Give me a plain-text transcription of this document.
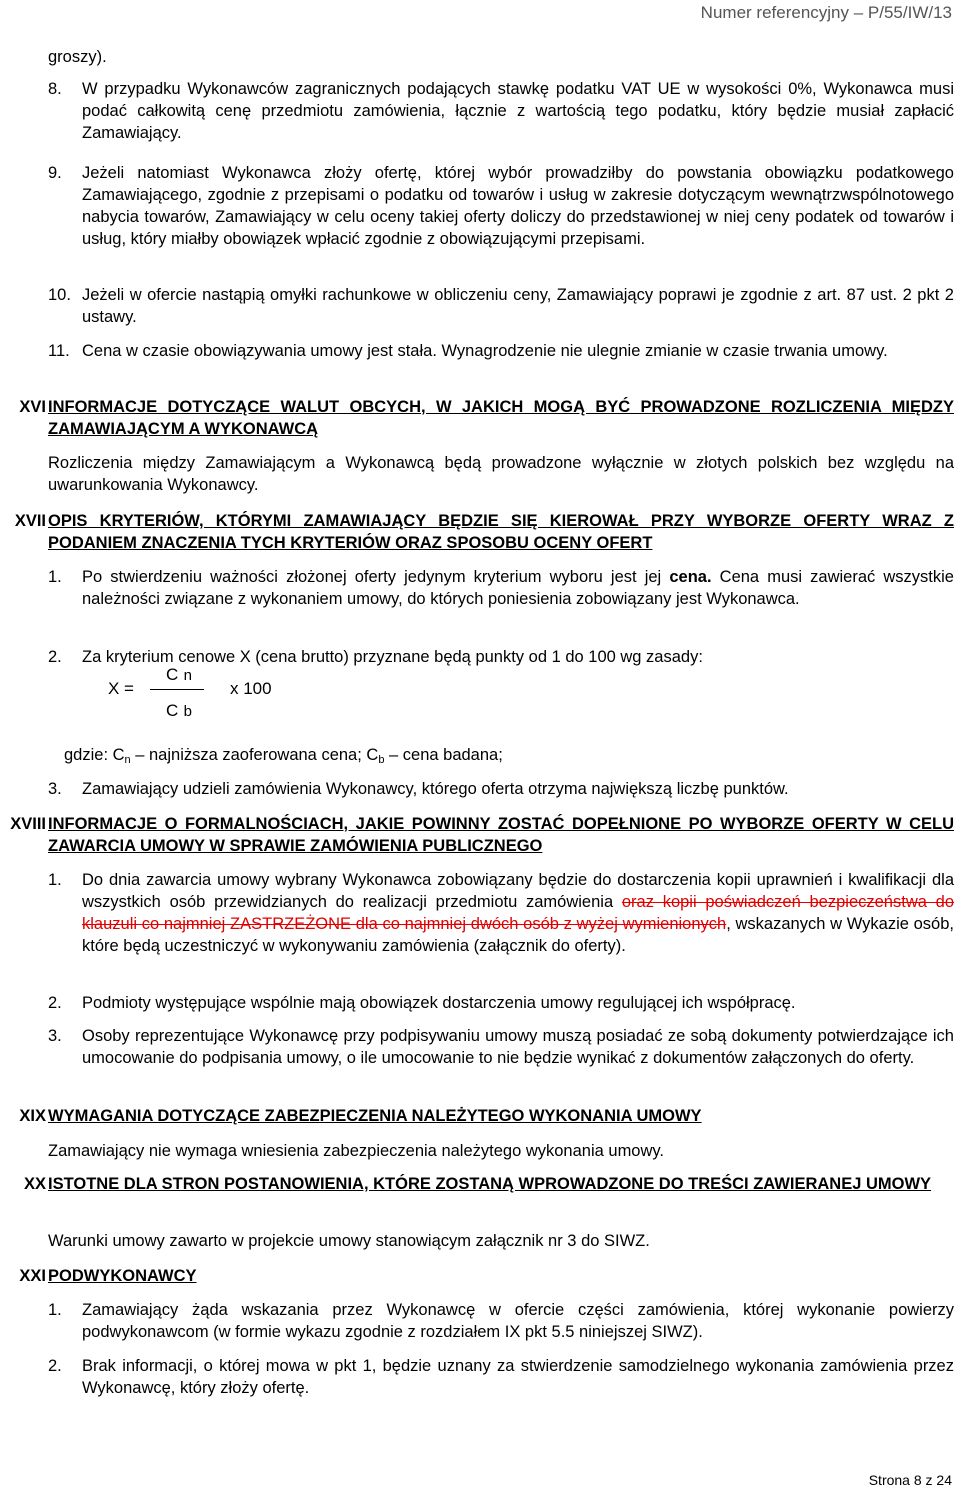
Numer referencyjny – P/55/IW/13
groszy).
8. W przypadku Wykonawców zagranicznych podających stawkę podatku VAT UE w wysokości 0%, Wykonawca musi podać całkowitą cenę przedmiotu zamówienia, łącznie z wartością tego podatku, który będzie musiał zapłacić Zamawiający.
9. Jeżeli natomiast Wykonawca złoży ofertę, której wybór prowadziłby do powstania obowiązku podatkowego Zamawiającego, zgodnie z przepisami o podatku od towarów i usług w zakresie dotyczącym wewnątrzwspólnotowego nabycia towarów, Zamawiający w celu oceny takiej oferty doliczy do przedstawionej w niej ceny podatek od towarów i usług, który miałby obowiązek wpłacić zgodnie z obowiązującymi przepisami.
10. Jeżeli w ofercie nastąpią omyłki rachunkowe w obliczeniu ceny, Zamawiający poprawi je zgodnie z art. 87 ust. 2 pkt 2 ustawy.
11. Cena w czasie obowiązywania umowy jest stała. Wynagrodzenie nie ulegnie zmianie w czasie trwania umowy.
XVI INFORMACJE DOTYCZĄCE WALUT OBCYCH, W JAKICH MOGĄ BYĆ PROWADZONE ROZLICZENIA MIĘDZY ZAMAWIAJĄCYM A WYKONAWCĄ
Rozliczenia między Zamawiającym a Wykonawcą będą prowadzone wyłącznie w złotych polskich bez względu na uwarunkowania Wykonawcy.
XVII OPIS KRYTERIÓW, KTÓRYMI ZAMAWIAJĄCY BĘDZIE SIĘ KIEROWAŁ PRZY WYBORZE OFERTY WRAZ Z PODANIEM ZNACZENIA TYCH KRYTERIÓW ORAZ SPOSOBU OCENY OFERT
1. Po stwierdzeniu ważności złożonej oferty jedynym kryterium wyboru jest jej cena. Cena musi zawierać wszystkie należności związane z wykonaniem umowy, do których poniesienia zobowiązany jest Wykonawca.
2. Za kryterium cenowe X (cena brutto) przyznane będą punkty od 1 do 100 wg zasady:
X =
C n
C b
x 100
gdzie: $C_n$ – najniższa zaoferowana cena; $C_b$ – cena badana;
3. Zamawiający udzieli zamówienia Wykonawcy, którego oferta otrzyma największą liczbę punktów.
XVIII INFORMACJE O FORMALNOŚCIACH, JAKIE POWINNY ZOSTAĆ DOPEŁNIONE PO WYBORZE OFERTY W CELU ZAWARCIA UMOWY W SPRAWIE ZAMÓWIENIA PUBLICZNEGO
1. Do dnia zawarcia umowy wybrany Wykonawca zobowiązany będzie do dostarczenia kopii uprawnień i kwalifikacji dla wszystkich osób przewidzianych do realizacji przedmiotu zamówienia oraz kopii poświadczeń bezpieczeństwa do klauzuli co najmniej ZASTRZEŻONE dla co najmniej dwóch osób z wyżej wymienionych, wskazanych w Wykazie osób, które będą uczestniczyć w wykonywaniu zamówienia (załącznik do oferty).
2. Podmioty występujące wspólnie mają obowiązek dostarczenia umowy regulującej ich współpracę.
3. Osoby reprezentujące Wykonawcę przy podpisywaniu umowy muszą posiadać ze sobą dokumenty potwierdzające ich umocowanie do podpisania umowy, o ile umocowanie to nie będzie wynikać z dokumentów załączonych do oferty.
XIX WYMAGANIA DOTYCZĄCE ZABEZPIECZENIA NALEŻYTEGO WYKONANIA UMOWY
Zamawiający nie wymaga wniesienia zabezpieczenia należytego wykonania umowy.
XX ISTOTNE DLA STRON POSTANOWIENIA, KTÓRE ZOSTANĄ WPROWADZONE DO TREŚCI ZAWIERANEJ UMOWY
Warunki umowy zawarto w projekcie umowy stanowiącym załącznik nr 3 do SIWZ.
XXI PODWYKONAWCY
1. Zamawiający żąda wskazania przez Wykonawcę w ofercie części zamówienia, której wykonanie powierzy podwykonawcom (w formie wykazu zgodnie z rozdziałem IX pkt 5.5 niniejszej SIWZ).
2. Brak informacji, o której mowa w pkt 1, będzie uznany za stwierdzenie samodzielnego wykonania zamówienia przez Wykonawcę, który złoży ofertę.
Strona 8 z 24
